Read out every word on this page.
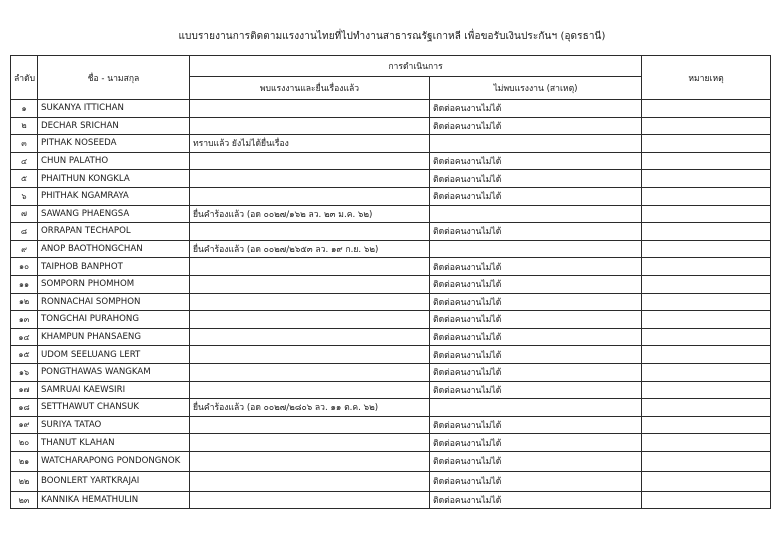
แบบรายงานการติดตามแรงงานไทยที่ไปทำงานสาธารณรัฐเกาหลี เพื่อขอรับเงินประกันฯ (อุดรธานี)
ลำดับ	ชื่อ - นามสกุล	การดำเนินการ		หมายเหตุ
		พบแรงงานและยื่นเรื่องแล้ว	ไม่พบแรงงาน (สาเหตุ)	
๑	SUKANYA ITTICHAN		ติดต่อคนงานไม่ได้	
๒	DECHAR SRICHAN		ติดต่อคนงานไม่ได้	
๓	PITHAK NOSEEDA	ทราบแล้ว ยังไม่ได้ยื่นเรื่อง		
๔	CHUN PALATHO		ติดต่อคนงานไม่ได้	
๕	PHAITHUN KONGKLA		ติดต่อคนงานไม่ได้	
๖	PHITHAK NGAMRAYA		ติดต่อคนงานไม่ได้	
๗	SAWANG PHAENGSA	ยื่นคำร้องแล้ว (อด ๐๐๒๗/๑๖๒ ลว. ๒๓ ม.ค. ๖๒)		
๘	ORRAPAN TECHAPOL		ติดต่อคนงานไม่ได้	
๙	ANOP BAOTHONGCHAN	ยื่นคำร้องแล้ว (อด ๐๐๒๗/๒๖๕๓ ลว. ๑๙ ก.ย. ๖๒)		
๑๐	TAIPHOB BANPHOT		ติดต่อคนงานไม่ได้	
๑๑	SOMPORN PHOMHOM		ติดต่อคนงานไม่ได้	
๑๒	RONNACHAI SOMPHON		ติดต่อคนงานไม่ได้	
๑๓	TONGCHAI PURAHONG		ติดต่อคนงานไม่ได้	
๑๔	KHAMPUN PHANSAENG		ติดต่อคนงานไม่ได้	
๑๕	UDOM SEELUANG LERT		ติดต่อคนงานไม่ได้	
๑๖	PONGTHAWAS WANGKAM		ติดต่อคนงานไม่ได้	
๑๗	SAMRUAI KAEWSIRI		ติดต่อคนงานไม่ได้	
๑๘	SETTHAWUT CHANSUK	ยื่นคำร้องแล้ว (อด ๐๐๒๗/๒๘๐๖ ลว. ๑๑ ต.ค. ๖๒)		
๑๙	SURIYA TATAO		ติดต่อคนงานไม่ได้	
๒๐	THANUT KLAHAN		ติดต่อคนงานไม่ได้	
๒๑	WATCHARAPONG PONDONGNOK		ติดต่อคนงานไม่ได้	
๒๒	BOONLERT YARTKRAJAI		ติดต่อคนงานไม่ได้	
๒๓	KANNIKA HEMATHULIN		ติดต่อคนงานไม่ได้	
